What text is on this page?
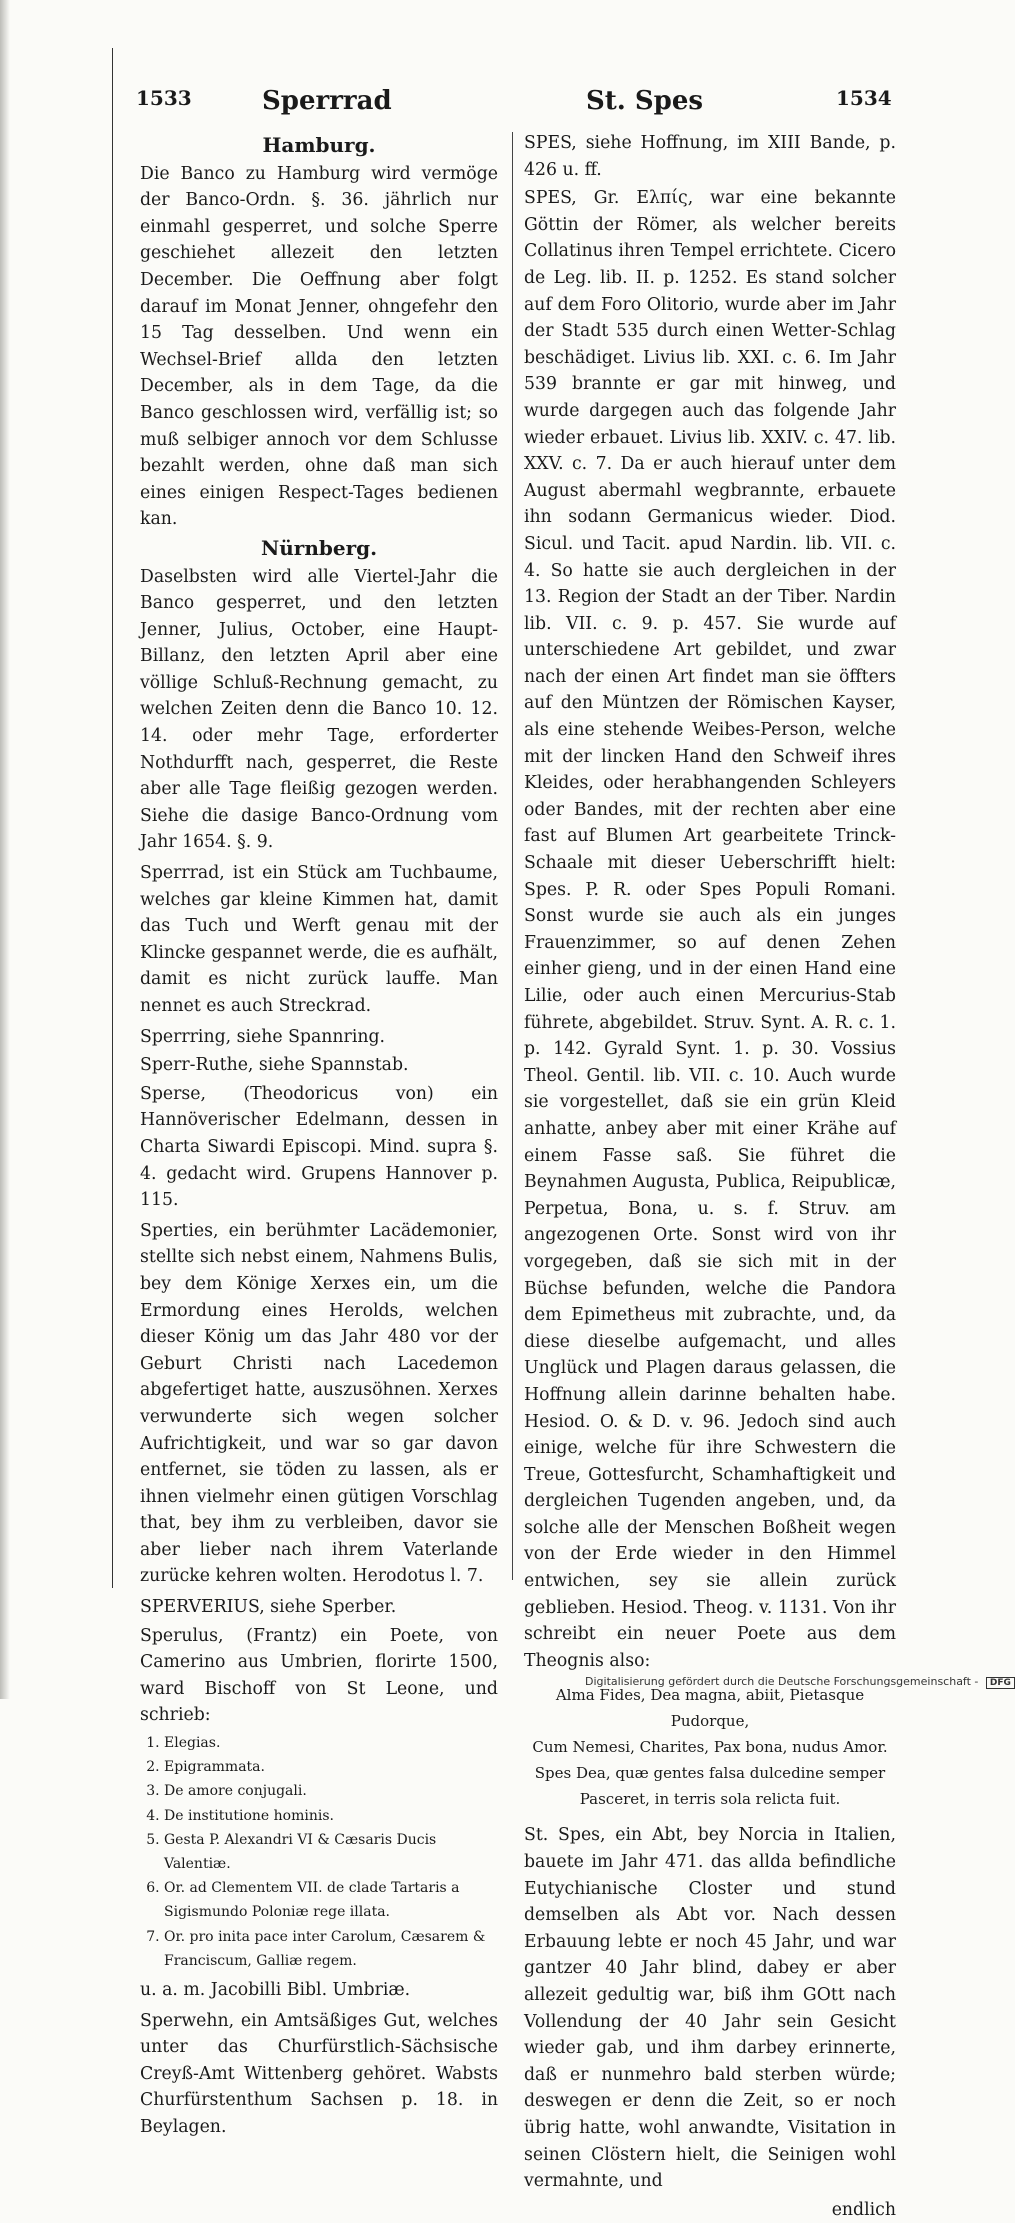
1533	Sperrrad	St. Spes	1534
Hamburg.

Die Banco zu Hamburg wird vermöge der Banco-Ordn. §. 36. jährlich nur einmahl gesperret, und solche Sperre geschiehet allezeit den letzten December. Die Oeffnung aber folgt darauf im Monat Jenner, ohngefehr den 15 Tag desselben. Und wenn ein Wechsel-Brief allda den letzten December, als in dem Tage, da die Banco geschlossen wird, verfällig ist; so muß selbiger annoch vor dem Schlusse bezahlt werden, ohne daß man sich eines einigen Respect-Tages bedienen kan.

Nürnberg.

Daselbsten wird alle Viertel-Jahr die Banco gesperret, und den letzten Jenner, Julius, October, eine Haupt-Billanz, den letzten April aber eine völlige Schluß-Rechnung gemacht, zu welchen Zeiten denn die Banco 10. 12. 14. oder mehr Tage, erforderter Nothdurfft nach, gesperret, die Reste aber alle Tage fleißig gezogen werden. Siehe die dasige Banco-Ordnung vom Jahr 1654. §. 9.

Sperrrad, ist ein Stück am Tuchbaume, welches gar kleine Kimmen hat, damit das Tuch und Werft genau mit der Klincke gespannet werde, die es aufhält, damit es nicht zurück lauffe. Man nennet es auch Streckrad.

Sperrring, siehe Spannring.

Sperr-Ruthe, siehe Spannstab.

Sperse, (Theodoricus von) ein Hannöverischer Edelmann, dessen in Charta Siwardi Episcopi. Mind. supra §. 4. gedacht wird. Grupens Hannover p. 115.

Sperties, ein berühmter Lacädemonier, stellte sich nebst einem, Nahmens Bulis, bey dem Könige Xerxes ein, um die Ermordung eines Herolds, welchen dieser König um das Jahr 480 vor der Geburt Christi nach Lacedemon abgefertiget hatte, auszusöhnen. Xerxes verwunderte sich wegen solcher Aufrichtigkeit, und war so gar davon entfernet, sie töden zu lassen, als er ihnen vielmehr einen gütigen Vorschlag that, bey ihm zu verbleiben, davor sie aber lieber nach ihrem Vaterlande zurücke kehren wolten. Herodotus l. 7.

SPERVERIUS, siehe Sperber.

Sperulus, (Frantz) ein Poete, von Camerino aus Umbrien, florirte 1500, ward Bischoff von St Leone, und schrieb:

1. Elegias.
2. Epigrammata.
3. De amore conjugali.
4. De institutione hominis.
5. Gesta P. Alexandri VI & Cæsaris Ducis Valentiæ.
6. Or. ad Clementem VII. de clade Tartaris a Sigismundo Poloniæ rege illata.
7. Or. pro inita pace inter Carolum, Cæsarem & Franciscum, Galliæ regem.

u. a. m. Jacobilli Bibl. Umbriæ.

Sperwehn, ein Amtsäßiges Gut, welches unter das Churfürstlich-Sächsische Creyß-Amt Wittenberg gehöret. Wabsts Churfürstenthum Sachsen p. 18. in Beylagen.

SPES, siehe Hoffnung, im XIII Bande, p. 426 u. ff.

SPES, Gr. Ελπίς, war eine bekannte Göttin der Römer, als welcher bereits Collatinus ihren Tempel errichtete. Cicero de Leg. lib. II. p. 1252. Es stand solcher auf dem Foro Olitorio, wurde aber im Jahr der Stadt 535 durch einen Wetter-Schlag beschädiget. Livius lib. XXI. c. 6. Im Jahr 539 brannte er gar mit hinweg, und wurde dargegen auch das folgende Jahr wieder erbauet. Livius lib. XXIV. c. 47. lib. XXV. c. 7. Da er auch hierauf unter dem August abermahl wegbrannte, erbauete ihn sodann Germanicus wieder. Diod. Sicul. und Tacit. apud Nardin. lib. VII. c. 4. So hatte sie auch dergleichen in der 13. Region der Stadt an der Tiber. Nardin lib. VII. c. 9. p. 457. Sie wurde auf unterschiedene Art gebildet, und zwar nach der einen Art findet man sie öffters auf den Müntzen der Römischen Kayser, als eine stehende Weibes-Person, welche mit der lincken Hand den Schweif ihres Kleides, oder herabhangenden Schleyers oder Bandes, mit der rechten aber eine fast auf Blumen Art gearbeitete Trinck-Schaale mit dieser Ueberschrifft hielt: Spes. P. R. oder Spes Populi Romani. Sonst wurde sie auch als ein junges Frauenzimmer, so auf denen Zehen einher gieng, und in der einen Hand eine Lilie, oder auch einen Mercurius-Stab führete, abgebildet. Struv. Synt. A. R. c. 1. p. 142. Gyrald Synt. 1. p. 30. Vossius Theol. Gentil. lib. VII. c. 10. Auch wurde sie vorgestellet, daß sie ein grün Kleid anhatte, anbey aber mit einer Krähe auf einem Fasse saß. Sie führet die Beynahmen Augusta, Publica, Reipublicæ, Perpetua, Bona, u. s. f. Struv. am angezogenen Orte. Sonst wird von ihr vorgegeben, daß sie sich mit in der Büchse befunden, welche die Pandora dem Epimetheus mit zubrachte, und, da diese dieselbe aufgemacht, und alles Unglück und Plagen daraus gelassen, die Hoffnung allein darinne behalten habe. Hesiod. O. & D. v. 96. Jedoch sind auch einige, welche für ihre Schwestern die Treue, Gottesfurcht, Schamhaftigkeit und dergleichen Tugenden angeben, und, da solche alle der Menschen Boßheit wegen von der Erde wieder in den Himmel entwichen, sey sie allein zurück geblieben. Hesiod. Theog. v. 1131. Von ihr schreibt ein neuer Poete aus dem Theognis also:

Alma Fides, Dea magna, abiit, Pietasque Pudorque,
Cum Nemesi, Charites, Pax bona, nudus Amor.
Spes Dea, quæ gentes falsa dulcedine semper
Pasceret, in terris sola relicta fuit.

St. Spes, ein Abt, bey Norcia in Italien, bauete im Jahr 471. das allda befindliche Eutychianische Closter und stund demselben als Abt vor. Nach dessen Erbauung lebte er noch 45 Jahr, und war gantzer 40 Jahr blind, dabey er aber allezeit gedultig war, biß ihm GOtt nach Vollendung der 40 Jahr sein Gesicht wieder gab, und ihm darbey erinnerte, daß er nunmehro bald sterben würde; deswegen er denn die Zeit, so er noch übrig hatte, wohl anwandte, Visitation in seinen Clöstern hielt, die Seinigen wohl vermahnte, und

endlich
Digitalisierung gefördert durch die Deutsche Forschungsgemeinschaft - DFG
